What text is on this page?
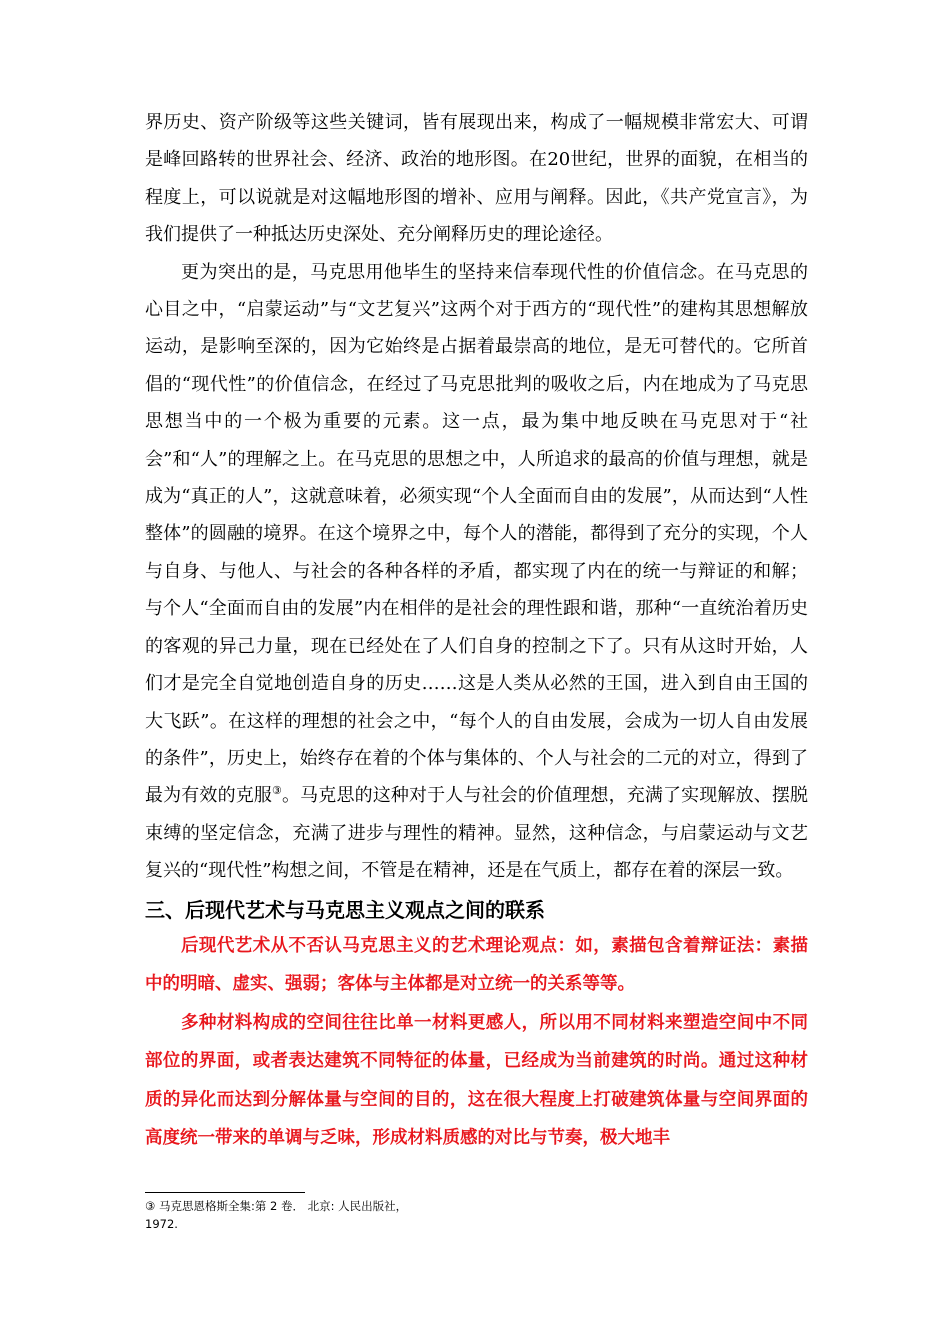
界历史、资产阶级等这些关键词，皆有展现出来，构成了一幅规模非常宏大、可谓是峰回路转的世界社会、经济、政治的地形图。在20世纪，世界的面貌，在相当的程度上，可以说就是对这幅地形图的增补、应用与阐释。因此，《共产党宣言》，为我们提供了一种抵达历史深处、充分阐释历史的理论途径。

更为突出的是，马克思用他毕生的坚持来信奉现代性的价值信念。在马克思的心目之中，“启蒙运动”与“文艺复兴”这两个对于西方的“现代性”的建构其思想解放运动，是影响至深的，因为它始终是占据着最崇高的地位，是无可替代的。它所首倡的“现代性”的价值信念，在经过了马克思批判的吸收之后，内在地成为了马克思思想当中的一个极为重要的元素。这一点，最为集中地反映在马克思对于“社会”和“人”的理解之上。在马克思的思想之中，人所追求的最高的价值与理想，就是成为“真正的人”，这就意味着，必须实现“个人全面而自由的发展”，从而达到“人性整体”的圆融的境界。在这个境界之中，每个人的潜能，都得到了充分的实现，个人与自身、与他人、与社会的各种各样的矛盾，都实现了内在的统一与辩证的和解；与个人“全面而自由的发展”内在相伴的是社会的理性跟和谐，那种“一直统治着历史的客观的异己力量，现在已经处在了人们自身的控制之下了。只有从这时开始，人们才是完全自觉地创造自身的历史……这是人类从必然的王国，进入到自由王国的大飞跃”。在这样的理想的社会之中，“每个人的自由发展，会成为一切人自由发展的条件”，历史上，始终存在着的个体与集体的、个人与社会的二元的对立，得到了最为有效的克服③。马克思的这种对于人与社会的价值理想，充满了实现解放、摆脱束缚的坚定信念，充满了进步与理性的精神。显然，这种信念，与启蒙运动与文艺复兴的“现代性”构想之间，不管是在精神，还是在气质上，都存在着的深层一致。

三、后现代艺术与马克思主义观点之间的联系

后现代艺术从不否认马克思主义的艺术理论观点：如，素描包含着辩证法：素描中的明暗、虚实、强弱；客体与主体都是对立统一的关系等等。

多种材料构成的空间往往比单一材料更感人，所以用不同材料来塑造空间中不同部位的界面，或者表达建筑不同特征的体量，已经成为当前建筑的时尚。通过这种材质的异化而达到分解体量与空间的目的，这在很大程度上打破建筑体量与空间界面的高度统一带来的单调与乏味，形成材料质感的对比与节奏，极大地丰

③ 马克思恩格斯全集:第 2 卷． 北京: 人民出版社，
1972.
